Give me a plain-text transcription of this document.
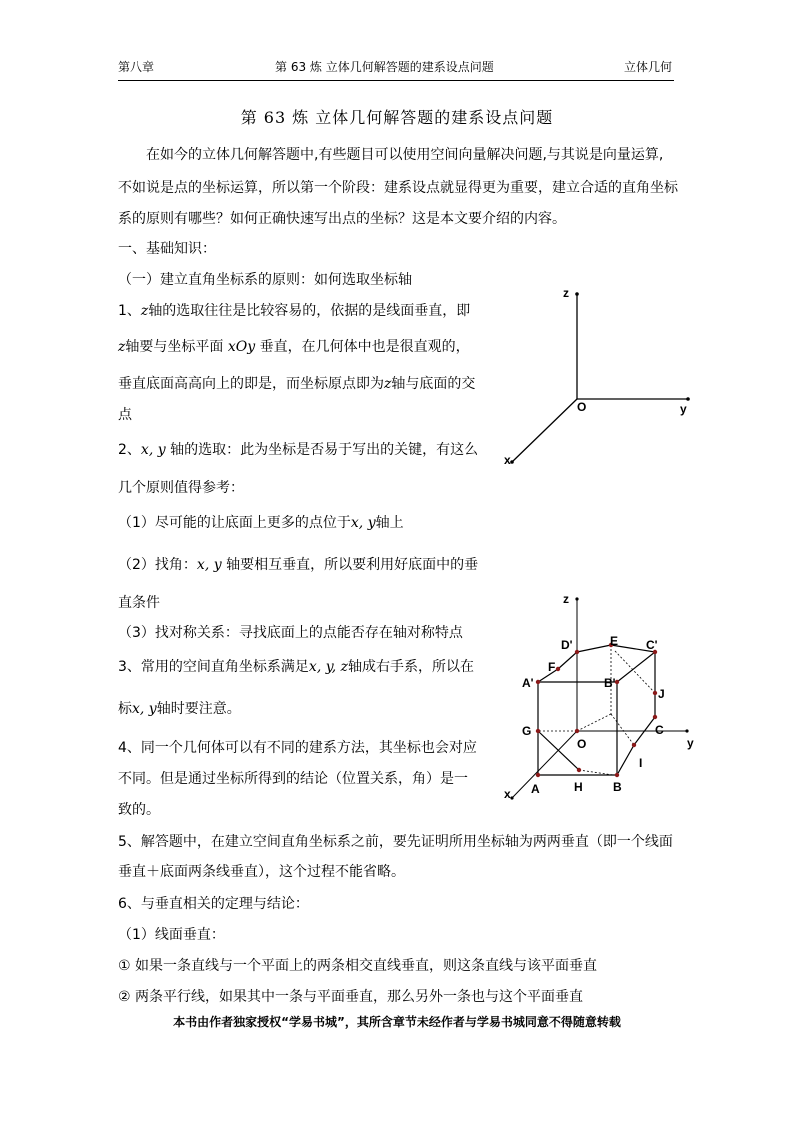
第八章	第 63 炼 立体几何解答题的建系设点问题	立体几何
第 63 炼 立体几何解答题的建系设点问题
在如今的立体几何解答题中,有些题目可以使用空间向量解决问题,与其说是向量运算,
不如说是点的坐标运算，所以第一个阶段：建系设点就显得更为重要，建立合适的直角坐标
系的原则有哪些？如何正确快速写出点的坐标？这是本文要介绍的内容。
一、基础知识：
（一）建立直角坐标系的原则：如何选取坐标轴
1、z轴的选取往往是比较容易的，依据的是线面垂直，即
z轴要与坐标平面 xOy 垂直，在几何体中也是很直观的，
垂直底面高高向上的即是，而坐标原点即为z轴与底面的交
点
2、x, y 轴的选取：此为坐标是否易于写出的关键，有这么
几个原则值得参考：
（1）尽可能的让底面上更多的点位于x, y轴上
（2）找角：x, y 轴要相互垂直，所以要利用好底面中的垂
直条件
（3）找对称关系：寻找底面上的点能否存在轴对称特点
3、常用的空间直角坐标系满足x, y, z轴成右手系，所以在
标x, y轴时要注意。
4、同一个几何体可以有不同的建系方法，其坐标也会对应
不同。但是通过坐标所得到的结论（位置关系，角）是一
致的。
5、解答题中，在建立空间直角坐标系之前，要先证明所用坐标轴为两两垂直（即一个线面
垂直＋底面两条线垂直），这个过程不能省略。
6、与垂直相关的定理与结论：
（1）线面垂直：
① 如果一条直线与一个平面上的两条相交直线垂直，则这条直线与该平面垂直
② 两条平行线，如果其中一条与平面垂直，那么另外一条也与这个平面垂直
本书由作者独家授权“学易书城”，其所含章节未经作者与学易书城同意不得随意转载
z
O	y
x
z
y
x
O
D'	E C'
F
A'	B'
J
G	C
I
A	H	B
